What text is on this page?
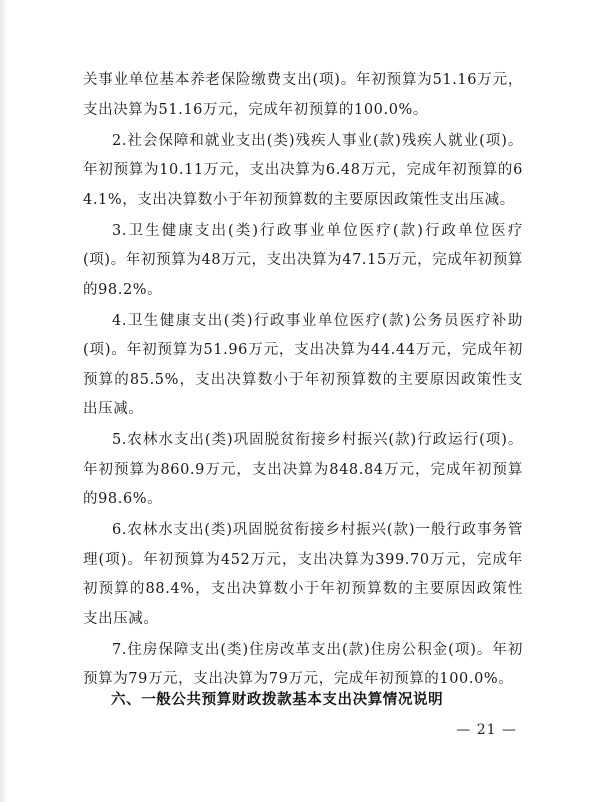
关事业单位基本养老保险缴费支出(项)。年初预算为51.16万元，支出决算为51.16万元，完成年初预算的100.0%。

2.社会保障和就业支出(类)残疾人事业(款)残疾人就业(项)。年初预算为10.11万元，支出决算为6.48万元，完成年初预算的64.1%，支出决算数小于年初预算数的主要原因政策性支出压减。

3.卫生健康支出(类)行政事业单位医疗(款)行政单位医疗(项)。年初预算为48万元，支出决算为47.15万元，完成年初预算的98.2%。

4.卫生健康支出(类)行政事业单位医疗(款)公务员医疗补助(项)。年初预算为51.96万元，支出决算为44.44万元，完成年初预算的85.5%，支出决算数小于年初预算数的主要原因政策性支出压减。

5.农林水支出(类)巩固脱贫衔接乡村振兴(款)行政运行(项)。年初预算为860.9万元，支出决算为848.84万元，完成年初预算的98.6%。

6.农林水支出(类)巩固脱贫衔接乡村振兴(款)一般行政事务管理(项)。年初预算为452万元，支出决算为399.70万元，完成年初预算的88.4%，支出决算数小于年初预算数的主要原因政策性支出压减。

7.住房保障支出(类)住房改革支出(款)住房公积金(项)。年初预算为79万元，支出决算为79万元，完成年初预算的100.0%。

六、一般公共预算财政拨款基本支出决算情况说明
— 21 —
